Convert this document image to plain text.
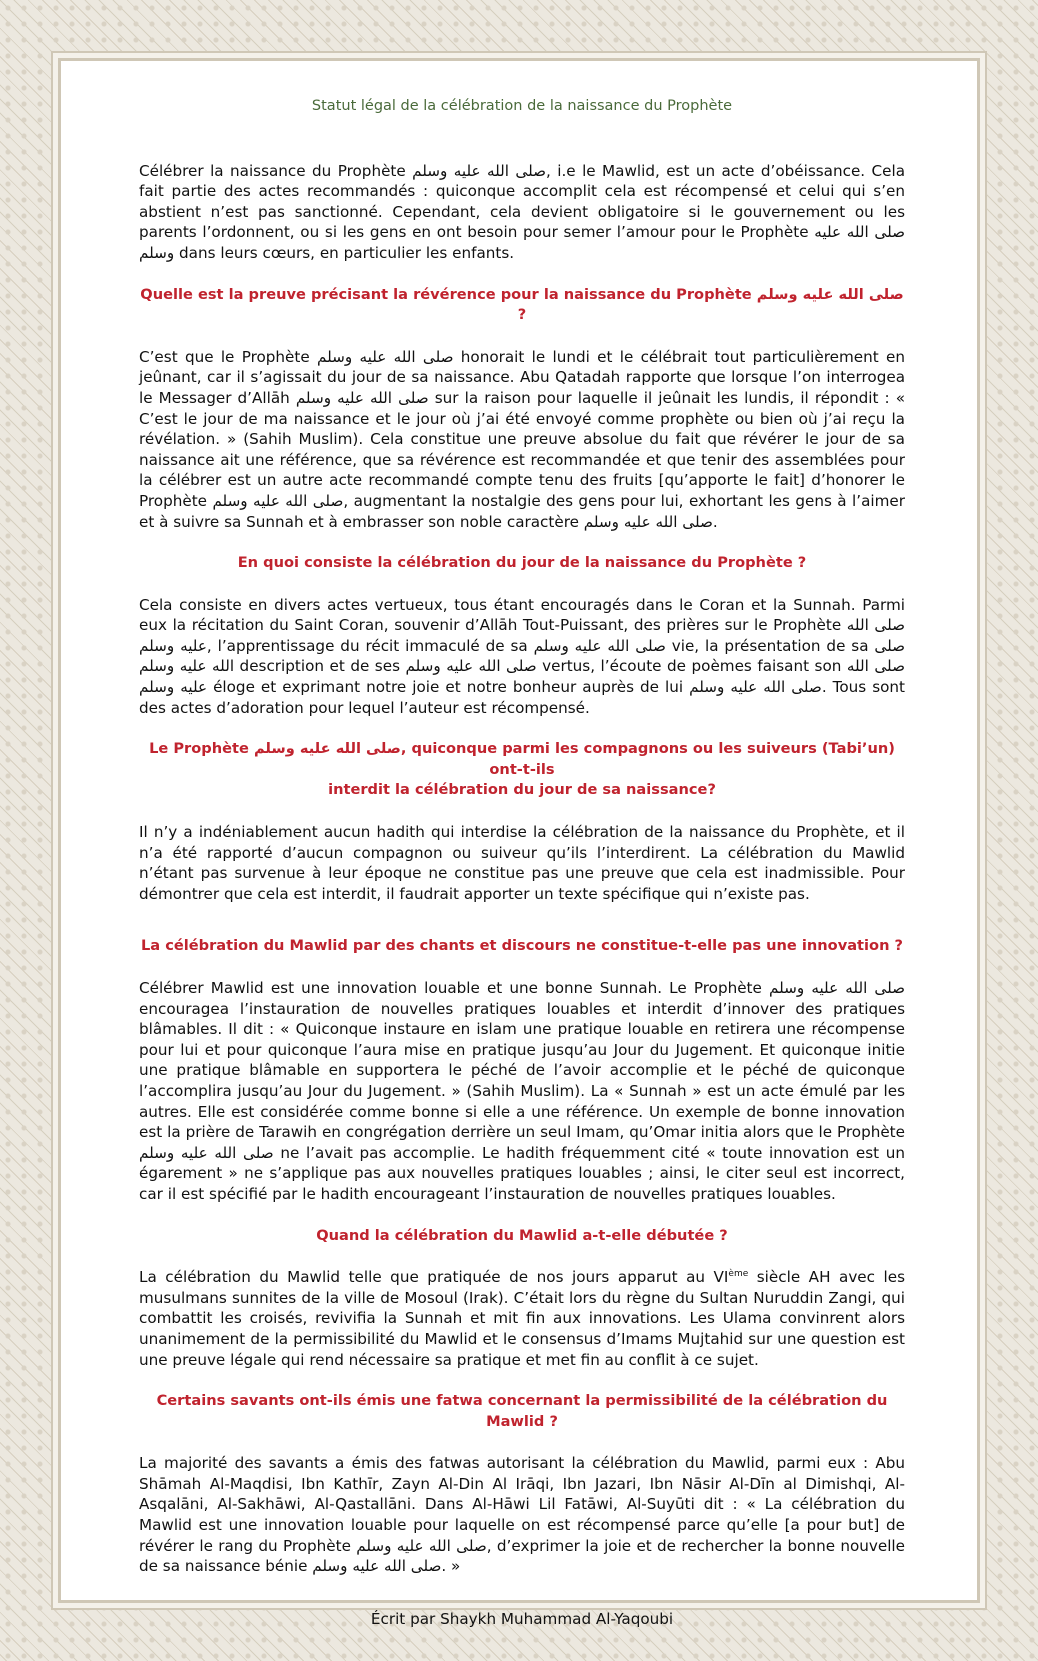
Statut légal de la célébration de la naissance du Prophète

Célébrer la naissance du Prophète صلى الله عليه وسلم, i.e le Mawlid, est un acte d’obéissance. Cela fait partie des actes recommandés : quiconque accomplit cela est récompensé et celui qui s’en abstient n’est pas sanctionné. Cependant, cela devient obligatoire si le gouvernement ou les parents l’ordonnent, ou si les gens en ont besoin pour semer l’amour pour le Prophète صلى الله عليه وسلم dans leurs cœurs, en particulier les enfants.

Quelle est la preuve précisant la révérence pour la naissance du Prophète صلى الله عليه وسلم ?

C’est que le Prophète صلى الله عليه وسلم honorait le lundi et le célébrait tout particulièrement en jeûnant, car il s’agissait du jour de sa naissance. Abu Qatadah rapporte que lorsque l’on interrogea le Messager d’Allāh صلى الله عليه وسلم sur la raison pour laquelle il jeûnait les lundis, il répondit : « C’est le jour de ma naissance et le jour où j’ai été envoyé comme prophète ou bien où j’ai reçu la révélation. » (Sahih Muslim). Cela constitue une preuve absolue du fait que révérer le jour de sa naissance ait une référence, que sa révérence est recommandée et que tenir des assemblées pour la célébrer est un autre acte recommandé compte tenu des fruits [qu’apporte le fait] d’honorer le Prophète صلى الله عليه وسلم, augmentant la nostalgie des gens pour lui, exhortant les gens à l’aimer et à suivre sa Sunnah et à embrasser son noble caractère صلى الله عليه وسلم.

En quoi consiste la célébration du jour de la naissance du Prophète ?

Cela consiste en divers actes vertueux, tous étant encouragés dans le Coran et la Sunnah. Parmi eux la récitation du Saint Coran, souvenir d’Allāh Tout-Puissant, des prières sur le Prophète صلى الله عليه وسلم, l’apprentissage du récit immaculé de sa صلى الله عليه وسلم vie, la présentation de sa صلى الله عليه وسلم description et de ses صلى الله عليه وسلم vertus, l’écoute de poèmes faisant son صلى الله عليه وسلم éloge et exprimant notre joie et notre bonheur auprès de lui صلى الله عليه وسلم. Tous sont des actes d’adoration pour lequel l’auteur est récompensé.

Le Prophète صلى الله عليه وسلم, quiconque parmi les compagnons ou les suiveurs (Tabi’un) ont-t-ils
interdit la célébration du jour de sa naissance?

Il n’y a indéniablement aucun hadith qui interdise la célébration de la naissance du Prophète, et il n’a été rapporté d’aucun compagnon ou suiveur qu’ils l’interdirent. La célébration du Mawlid n’étant pas survenue à leur époque ne constitue pas une preuve que cela est inadmissible. Pour démontrer que cela est interdit, il faudrait apporter un texte spécifique qui n’existe pas.

La célébration du Mawlid par des chants et discours ne constitue-t-elle pas une innovation ?

Célébrer Mawlid est une innovation louable et une bonne Sunnah. Le Prophète صلى الله عليه وسلم encouragea l’instauration de nouvelles pratiques louables et interdit d’innover des pratiques blâmables. Il dit : « Quiconque instaure en islam une pratique louable en retirera une récompense pour lui et pour quiconque l’aura mise en pratique jusqu’au Jour du Jugement. Et quiconque initie une pratique blâmable en supportera le péché de l’avoir accomplie et le péché de quiconque l’accomplira jusqu’au Jour du Jugement. » (Sahih Muslim). La « Sunnah » est un acte émulé par les autres. Elle est considérée comme bonne si elle a une référence. Un exemple de bonne innovation est la prière de Tarawih en congrégation derrière un seul Imam, qu’Omar initia alors que le Prophète صلى الله عليه وسلم ne l’avait pas accomplie. Le hadith fréquemment cité « toute innovation est un égarement » ne s’applique pas aux nouvelles pratiques louables ; ainsi, le citer seul est incorrect, car il est spécifié par le hadith encourageant l’instauration de nouvelles pratiques louables.

Quand la célébration du Mawlid a-t-elle débutée ?

La célébration du Mawlid telle que pratiquée de nos jours apparut au VIème siècle AH avec les musulmans sunnites de la ville de Mosoul (Irak). C’était lors du règne du Sultan Nuruddin Zangi, qui combattit les croisés, revivifia la Sunnah et mit fin aux innovations. Les Ulama convinrent alors unanimement de la permissibilité du Mawlid et le consensus d’Imams Mujtahid sur une question est une preuve légale qui rend nécessaire sa pratique et met fin au conflit à ce sujet.

Certains savants ont-ils émis une fatwa concernant la permissibilité de la célébration du Mawlid ?

La majorité des savants a émis des fatwas autorisant la célébration du Mawlid, parmi eux : Abu Shāmah Al-Maqdisi, Ibn Kathīr, Zayn Al-Din Al Irāqi, Ibn Jazari, Ibn Nāsir Al-Dīn al Dimishqi, Al-Asqalāni, Al-Sakhāwi, Al-Qastallāni. Dans Al-Hāwi Lil Fatāwi, Al-Suyūti dit : « La célébration du Mawlid est une innovation louable pour laquelle on est récompensé parce qu’elle [a pour but] de révérer le rang du Prophète صلى الله عليه وسلم, d’exprimer la joie et de rechercher la bonne nouvelle de sa naissance bénie صلى الله عليه وسلم. »

Écrit par Shaykh Muhammad Al-Yaqoubi
